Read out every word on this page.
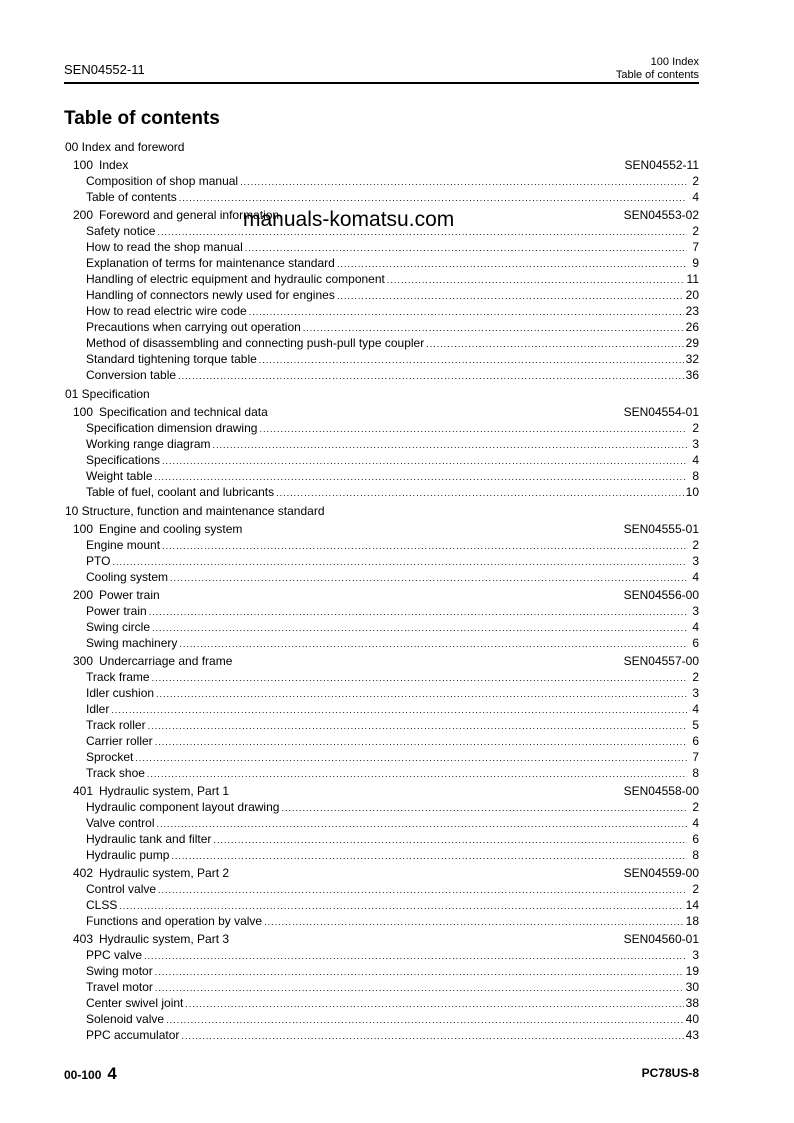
SEN04552-11	100 Index
Table of contents
Table of contents
00 Index and foreword
100 Index	SEN04552-11
Composition of shop manual .....	2
Table of contents .....	4
200 Foreword and general information	SEN04553-02
Safety notice .....	2
How to read the shop manual .....	7
Explanation of terms for maintenance standard .....	9
Handling of electric equipment and hydraulic component .....	11
Handling of connectors newly used for engines .....	20
How to read electric wire code .....	23
Precautions when carrying out operation .....	26
Method of disassembling and connecting push-pull type coupler .....	29
Standard tightening torque table .....	32
Conversion table .....	36
01 Specification
100 Specification and technical data	SEN04554-01
Specification dimension drawing .....	2
Working range diagram .....	3
Specifications .....	4
Weight table .....	8
Table of fuel, coolant and lubricants .....	10
10 Structure, function and maintenance standard
100 Engine and cooling system	SEN04555-01
Engine mount .....	2
PTO .....	3
Cooling system .....	4
200 Power train	SEN04556-00
Power train .....	3
Swing circle .....	4
Swing machinery .....	6
300 Undercarriage and frame	SEN04557-00
Track frame .....	2
Idler cushion .....	3
Idler .....	4
Track roller .....	5
Carrier roller .....	6
Sprocket .....	7
Track shoe .....	8
401 Hydraulic system, Part 1	SEN04558-00
Hydraulic component layout drawing .....	2
Valve control .....	4
Hydraulic tank and filter .....	6
Hydraulic pump .....	8
402 Hydraulic system, Part 2	SEN04559-00
Control valve .....	2
CLSS .....	14
Functions and operation by valve .....	18
403 Hydraulic system, Part 3	SEN04560-01
PPC valve .....	3
Swing motor .....	19
Travel motor .....	30
Center swivel joint .....	38
Solenoid valve .....	40
PPC accumulator .....	43
manuals-komatsu.com
00-100 4	PC78US-8
